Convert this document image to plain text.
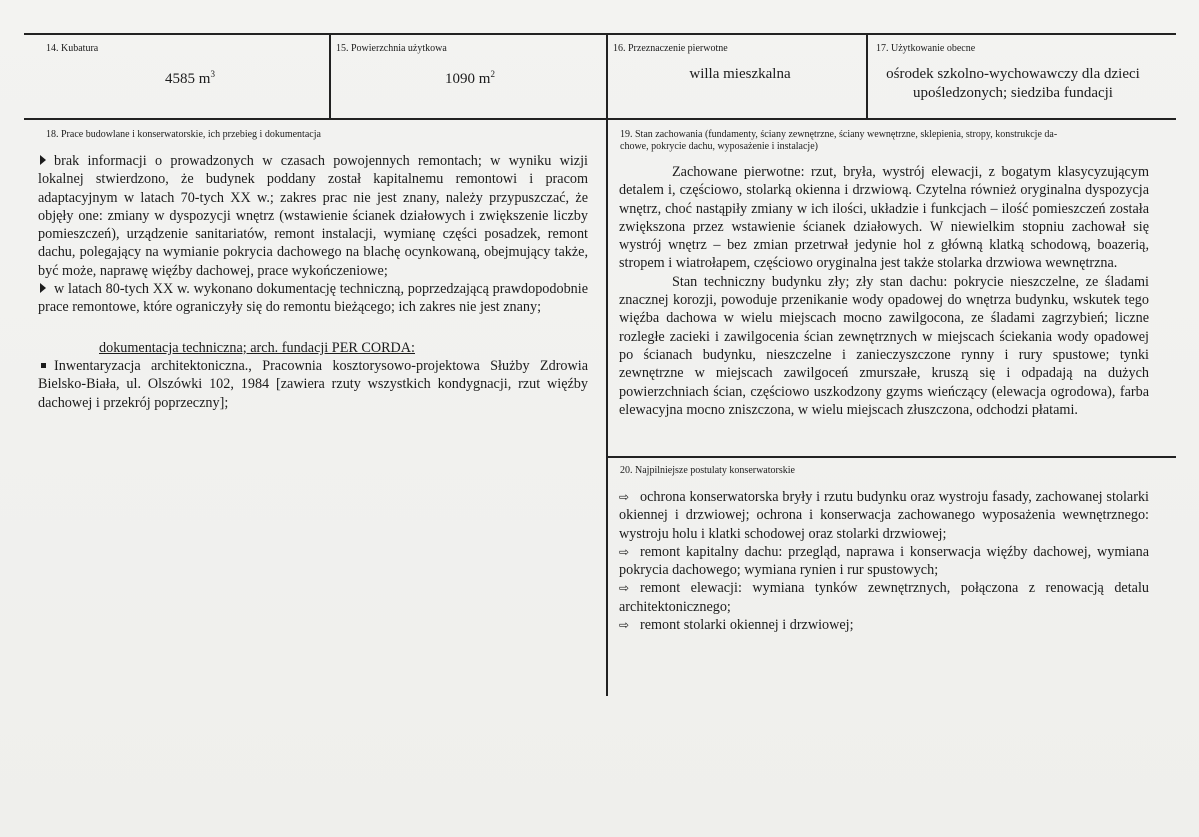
14. Kubatura
4585 $m^3$
15. Powierzchnia użytkowa
1090 $m^2$
16. Przeznaczenie pierwotne
willa mieszkalna
17. Użytkowanie obecne
ośrodek szkolno-wychowawczy dla dzieci
upośledzonych; siedziba fundacji
18. Prace budowlane i konserwatorskie, ich przebieg i dokumentacja

brak informacji o prowadzonych w czasach powojennych remontach; w wyniku wizji lokalnej stwierdzono, że budynek poddany został kapitalnemu remontowi i pracom adaptacyjnym w latach 70-tych XX w.; zakres prac nie jest znany, należy przypuszczać, że objęły one: zmiany w dyspozycji wnętrz (wstawienie ścianek działowych i zwiększenie liczby pomieszczeń), urządzenie sanitariatów, remont instalacji, wymianę części posadzek, remont dachu, polegający na wymianie pokrycia dachowego na blachę ocynkowaną, obejmujący także, być może, naprawę więźby dachowej, prace wykończeniowe;

w latach 80-tych XX w. wykonano dokumentację techniczną, poprzedzającą prawdopodobnie prace remontowe, które ograniczyły się do remontu bieżącego; ich zakres nie jest znany;

dokumentacja techniczna; arch. fundacji PER CORDA:

Inwentaryzacja architektoniczna., Pracownia kosztorysowo-projektowa Służby Zdrowia Bielsko-Biała, ul. Olszówki 102, 1984 [zawiera rzuty wszystkich kondygnacji, rzut więźby dachowej i przekrój poprzeczny];

19. Stan zachowania (fundamenty, ściany zewnętrzne, ściany wewnętrzne, sklepienia, stropy, konstrukcje da-
chowe, pokrycie dachu, wyposażenie i instalacje)

Zachowane pierwotne: rzut, bryła, wystrój elewacji, z bogatym klasycyzującym detalem i, częściowo, stolarką okienna i drzwiową. Czytelna również oryginalna dyspozycja wnętrz, choć nastąpiły zmiany w ich ilości, układzie i funkcjach – ilość pomieszczeń została zwiększona przez wstawienie ścianek działowych. W niewielkim stopniu zachował się wystrój wnętrz – bez zmian przetrwał jedynie hol z główną klatką schodową, boazerią, stropem i wiatrołapem, częściowo oryginalna jest także stolarka drzwiowa wewnętrzna.

Stan techniczny budynku zły; zły stan dachu: pokrycie nieszczelne, ze śladami znacznej korozji, powoduje przenikanie wody opadowej do wnętrza budynku, wskutek tego więźba dachowa w wielu miejscach mocno zawilgocona, ze śladami zagrzybień; liczne rozległe zacieki i zawilgocenia ścian zewnętrznych w miejscach ściekania wody opadowej po ścianach budynku, nieszczelne i zanieczyszczone rynny i rury spustowe; tynki zewnętrzne w miejscach zawilgoceń zmurszałe, kruszą się i odpadają na dużych powierzchniach ścian, częściowo uszkodzony gzyms wieńczący (elewacja ogrodowa), farba elewacyjna mocno zniszczona, w wielu miejscach złuszczona, odchodzi płatami.

20. Najpilniejsze postulaty konserwatorskie

⇨ ochrona konserwatorska bryły i rzutu budynku oraz wystroju fasady, zachowanej stolarki okiennej i drzwiowej; ochrona i konserwacja zachowanego wyposażenia wewnętrznego: wystroju holu i klatki schodowej oraz stolarki drzwiowej;

⇨ remont kapitalny dachu: przegląd, naprawa i konserwacja więźby dachowej, wymiana pokrycia dachowego; wymiana rynien i rur spustowych;

⇨ remont elewacji: wymiana tynków zewnętrznych, połączona z renowacją detalu architektonicznego;

⇨ remont stolarki okiennej i drzwiowej;
